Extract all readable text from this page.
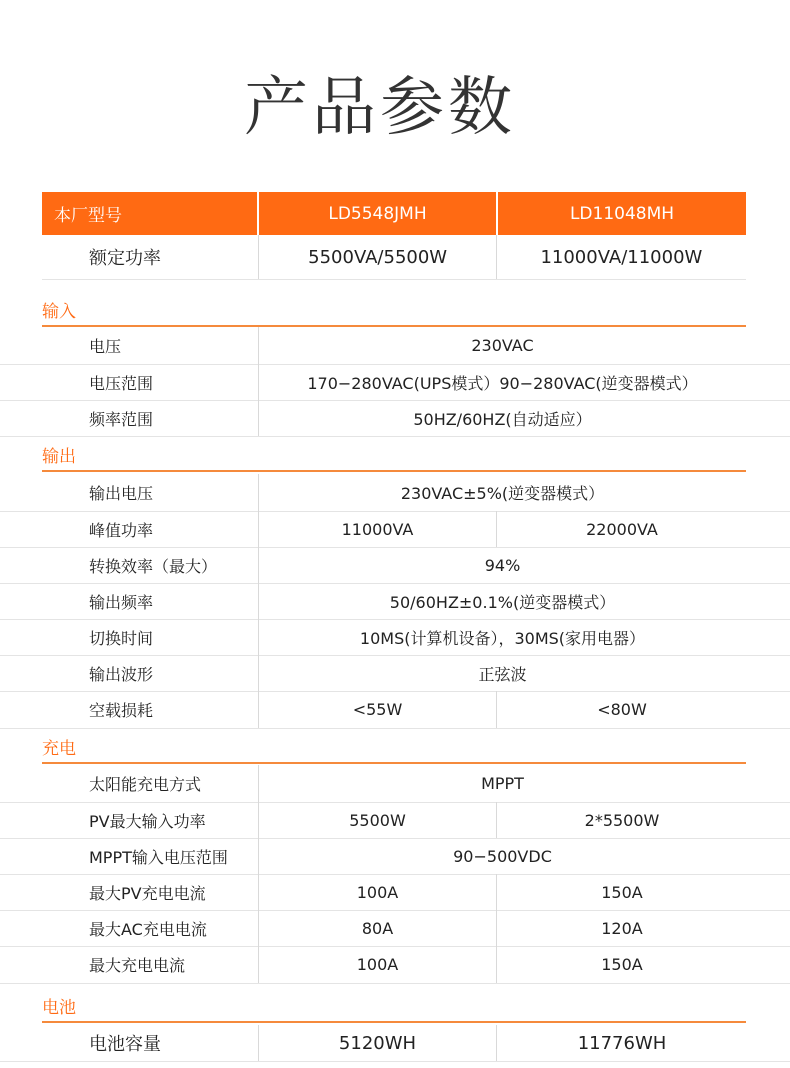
产品参数
本厂型号	LD5548JMH	LD11048MH
额定功率	5500VA/5500W	11000VA/11000W
输入
电压	230VAC
电压范围	170−280VAC(UPS模式）90−280VAC(逆变器模式）
频率范围	50HZ/60HZ(自动适应）
输出
输出电压	230VAC±5%(逆变器模式）
峰值功率	11000VA	22000VA
转换效率（最大）	94%
输出频率	50/60HZ±0.1%(逆变器模式）
切换时间	10MS(计算机设备），30MS(家用电器）
输出波形	正弦波
空载损耗	<55W	<80W
充电
太阳能充电方式	MPPT
PV最大输入功率	5500W	2*5500W
MPPT输入电压范围	90−500VDC
最大PV充电电流	100A	150A
最大AC充电电流	80A	120A
最大充电电流	100A	150A
电池
电池容量	5120WH	11776WH
